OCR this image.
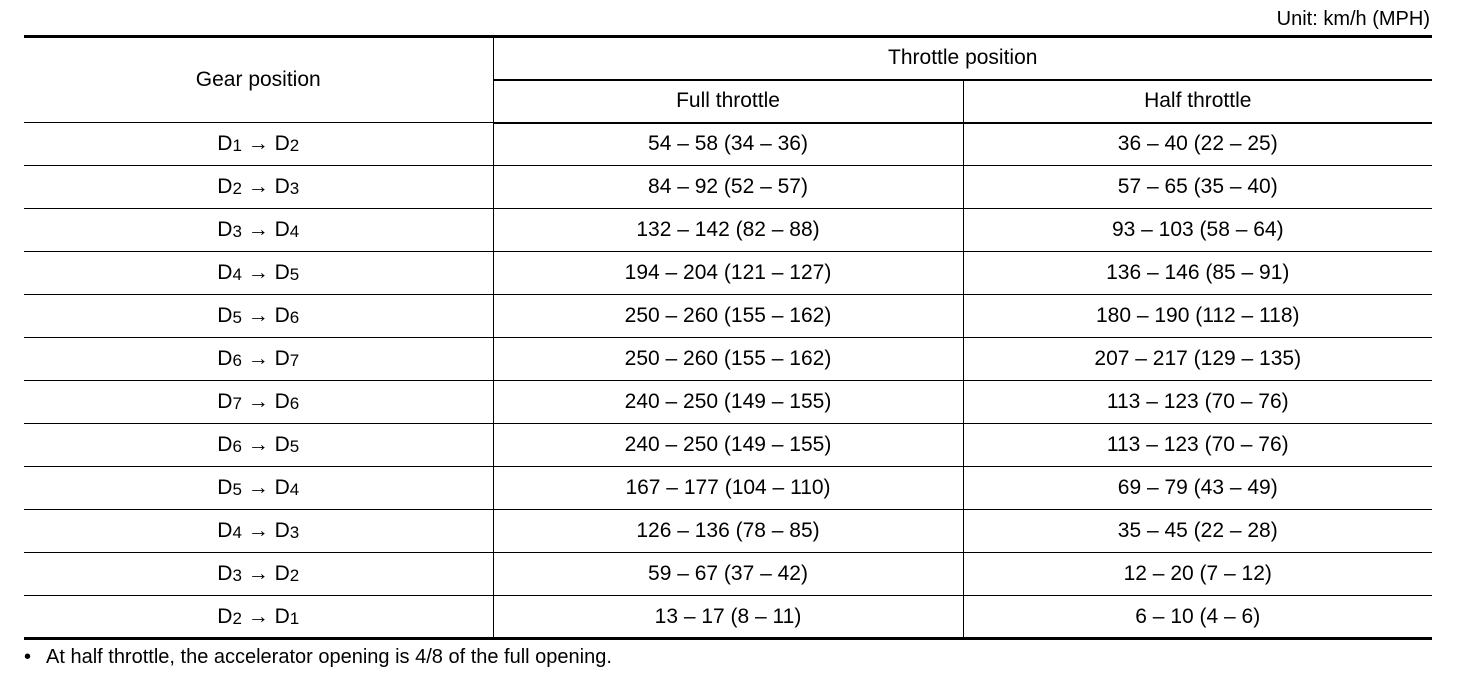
Unit: km/h (MPH)
Gear position	Throttle position	
	Full throttle	Half throttle
$D_1 \to D_2$	54 – 58 (34 – 36)	36 – 40 (22 – 25)
$D_2 \to D_3$	84 – 92 (52 – 57)	57 – 65 (35 – 40)
$D_3 \to D_4$	132 – 142 (82 – 88)	93 – 103 (58 – 64)
$D_4 \to D_5$	194 – 204 (121 – 127)	136 – 146 (85 – 91)
$D_5 \to D_6$	250 – 260 (155 – 162)	180 – 190 (112 – 118)
$D_6 \to D_7$	250 – 260 (155 – 162)	207 – 217 (129 – 135)
$D_7 \to D_6$	240 – 250 (149 – 155)	113 – 123 (70 – 76)
$D_6 \to D_5$	240 – 250 (149 – 155)	113 – 123 (70 – 76)
$D_5 \to D_4$	167 – 177 (104 – 110)	69 – 79 (43 – 49)
$D_4 \to D_3$	126 – 136 (78 – 85)	35 – 45 (22 – 28)
$D_3 \to D_2$	59 – 67 (37 – 42)	12 – 20 (7 – 12)
$D_2 \to D_1$	13 – 17 (8 – 11)	6 – 10 (4 – 6)
• At half throttle, the accelerator opening is 4/8 of the full opening.
